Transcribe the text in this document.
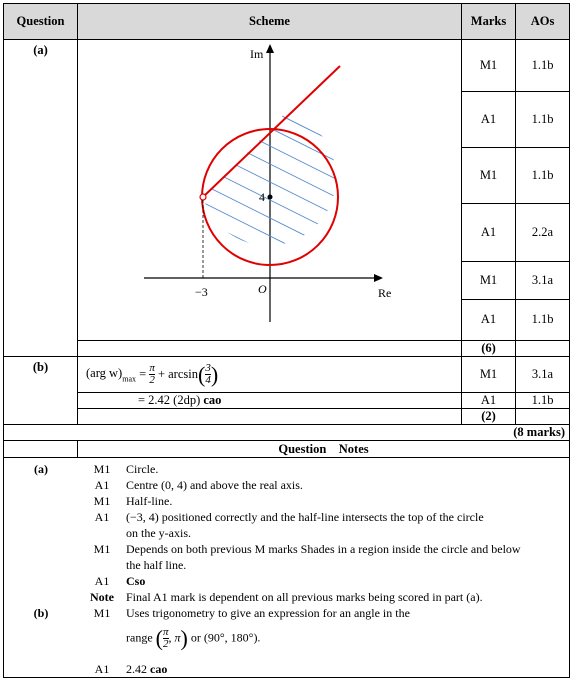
Question	Scheme	Marks	AOs
(a)	Im
Re
O
−3
4
	M1	1.1b
A1	1.1b
M1	1.1b
A1	2.2a
M1	3.1a
A1	1.1b
	(6)	
(b)	(arg $w)_{max} = \frac{\pi}{2} + \arcsin( \frac{3}{4}$ )	M1	3.1a
= 2.42 (2dp) cao	A1	1.1b
	(2)	
(8 marks)
	Question    Notes

(a)	M1	Circle.
	A1	Centre (0, 4) and above the real axis.
	M1	Half-line.
	A1	(−3, 4) positioned correctly and the half-line intersects the top of the circle
		on the y-axis.
	M1	Depends on both previous M marks Shades in a region inside the circle and below
		the half line.
	A1	Cso
	Note	Final A1 mark is dependent on all previous marks being scored in part (a).
(b)	M1	Uses trigonometry to give an expression for an angle in the
		range ( $\frac{\pi}{2}$ , π) or (90°, 180°).

	A1	2.42 cao
